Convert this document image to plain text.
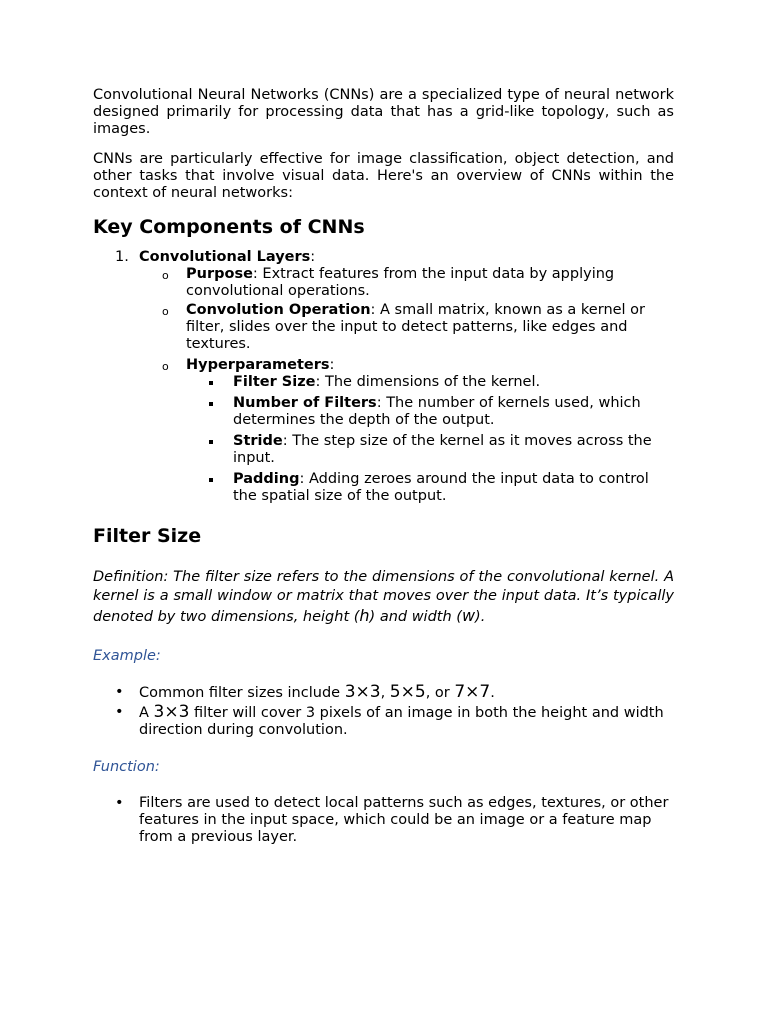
Convolutional Neural Networks (CNNs) are a specialized type of neural network designed primarily for processing data that has a grid-like topology, such as images.

CNNs are particularly effective for image classification, object detection, and other tasks that involve visual data. Here's an overview of CNNs within the context of neural networks:

Key Components of CNNs
1. Convolutional Layers:
o Purpose: Extract features from the input data by applying convolutional operations.
o Convolution Operation: A small matrix, known as a kernel or filter, slides over the input to detect patterns, like edges and textures.
o Hyperparameters:
Filter Size: The dimensions of the kernel.
Number of Filters: The number of kernels used, which determines the depth of the output.
Stride: The step size of the kernel as it moves across the input.
Padding: Adding zeroes around the input data to control the spatial size of the output.
Filter Size

Definition: The filter size refers to the dimensions of the convolutional kernel. A kernel is a small window or matrix that moves over the input data. It’s typically denoted by two dimensions, height (h) and width (w).

Example:

• Common filter sizes include 3×3, 5×5, or 7×7.
• A 3×3 filter will cover 3 pixels of an image in both the height and width direction during convolution.

Function:

• Filters are used to detect local patterns such as edges, textures, or other features in the input space, which could be an image or a feature map from a previous layer.
